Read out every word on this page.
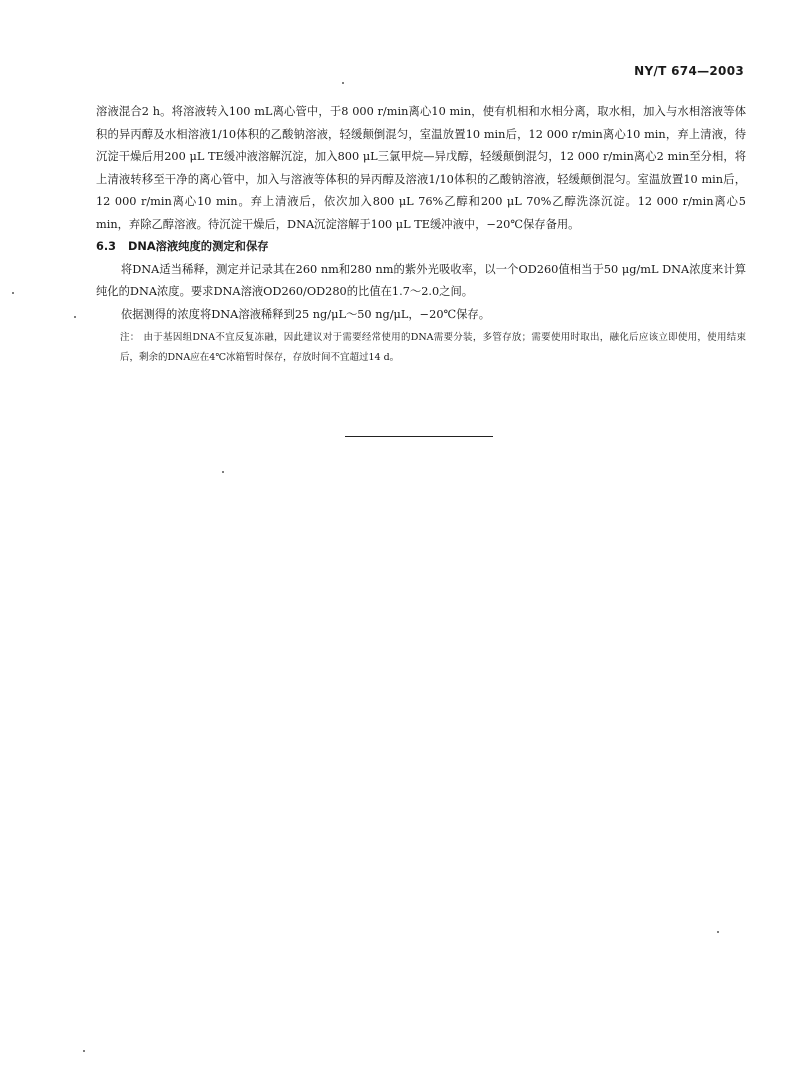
NY/T 674—2003

溶液混合2 h。将溶液转入100 mL离心管中，于8 000 r/min离心10 min，使有机相和水相分离，取水相，加入与水相溶液等体积的异丙醇及水相溶液1/10体积的乙酸钠溶液，轻缓颠倒混匀，室温放置10 min后，12 000 r/min离心10 min，弃上清液，待沉淀干燥后用200 μL TE缓冲液溶解沉淀，加入800 μL三氯甲烷—异戊醇，轻缓颠倒混匀，12 000 r/min离心2 min至分相，将上清液转移至干净的离心管中，加入与溶液等体积的异丙醇及溶液1/10体积的乙酸钠溶液，轻缓颠倒混匀。室温放置10 min后，12 000 r/min离心10 min。弃上清液后，依次加入800 μL 76%乙醇和200 μL 70%乙醇洗涤沉淀。12 000 r/min离心5 min，弃除乙醇溶液。待沉淀干燥后，DNA沉淀溶解于100 μL TE缓冲液中，−20℃保存备用。

6.3 DNA溶液纯度的测定和保存

将DNA适当稀释，测定并记录其在260 nm和280 nm的紫外光吸收率，以一个OD260值相当于50 μg/mL DNA浓度来计算纯化的DNA浓度。要求DNA溶液OD260/OD280的比值在1.7～2.0之间。

依据测得的浓度将DNA溶液稀释到25 ng/μL～50 ng/μL，−20℃保存。

注： 由于基因组DNA不宜反复冻融，因此建议对于需要经常使用的DNA需要分装，多管存放；需要使用时取出，融化后应该立即使用，使用结束后，剩余的DNA应在4℃冰箱暂时保存，存放时间不宜超过14 d。
